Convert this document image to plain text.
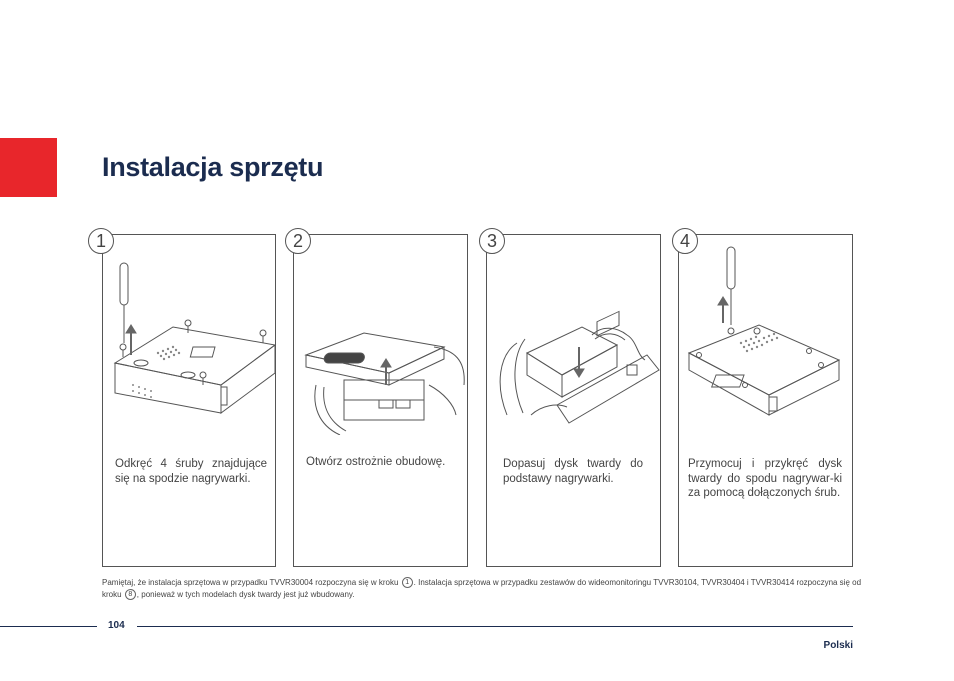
Instalacja sprzętu
Odkręć 4 śruby znajdujące się na spodzie nagrywarki.
1
Otwórz ostrożnie obudowę.
2
Dopasuj dysk twardy do podstawy nagrywarki.
3
Przymocuj i przykręć dysk twardy do spodu nagrywar-ki za pomocą dołączonych śrub.
4
Pamiętaj, że instalacja sprzętowa w przypadku TVVR30004 rozpoczyna się w kroku 1 . Instalacja sprzętowa w przypadku zestawów do wideomonitoringu TVVR30104, TVVR30404 i TVVR30414 rozpoczyna się od kroku 8 , ponieważ w tych modelach dysk twardy jest już wbudowany.
104
Polski
